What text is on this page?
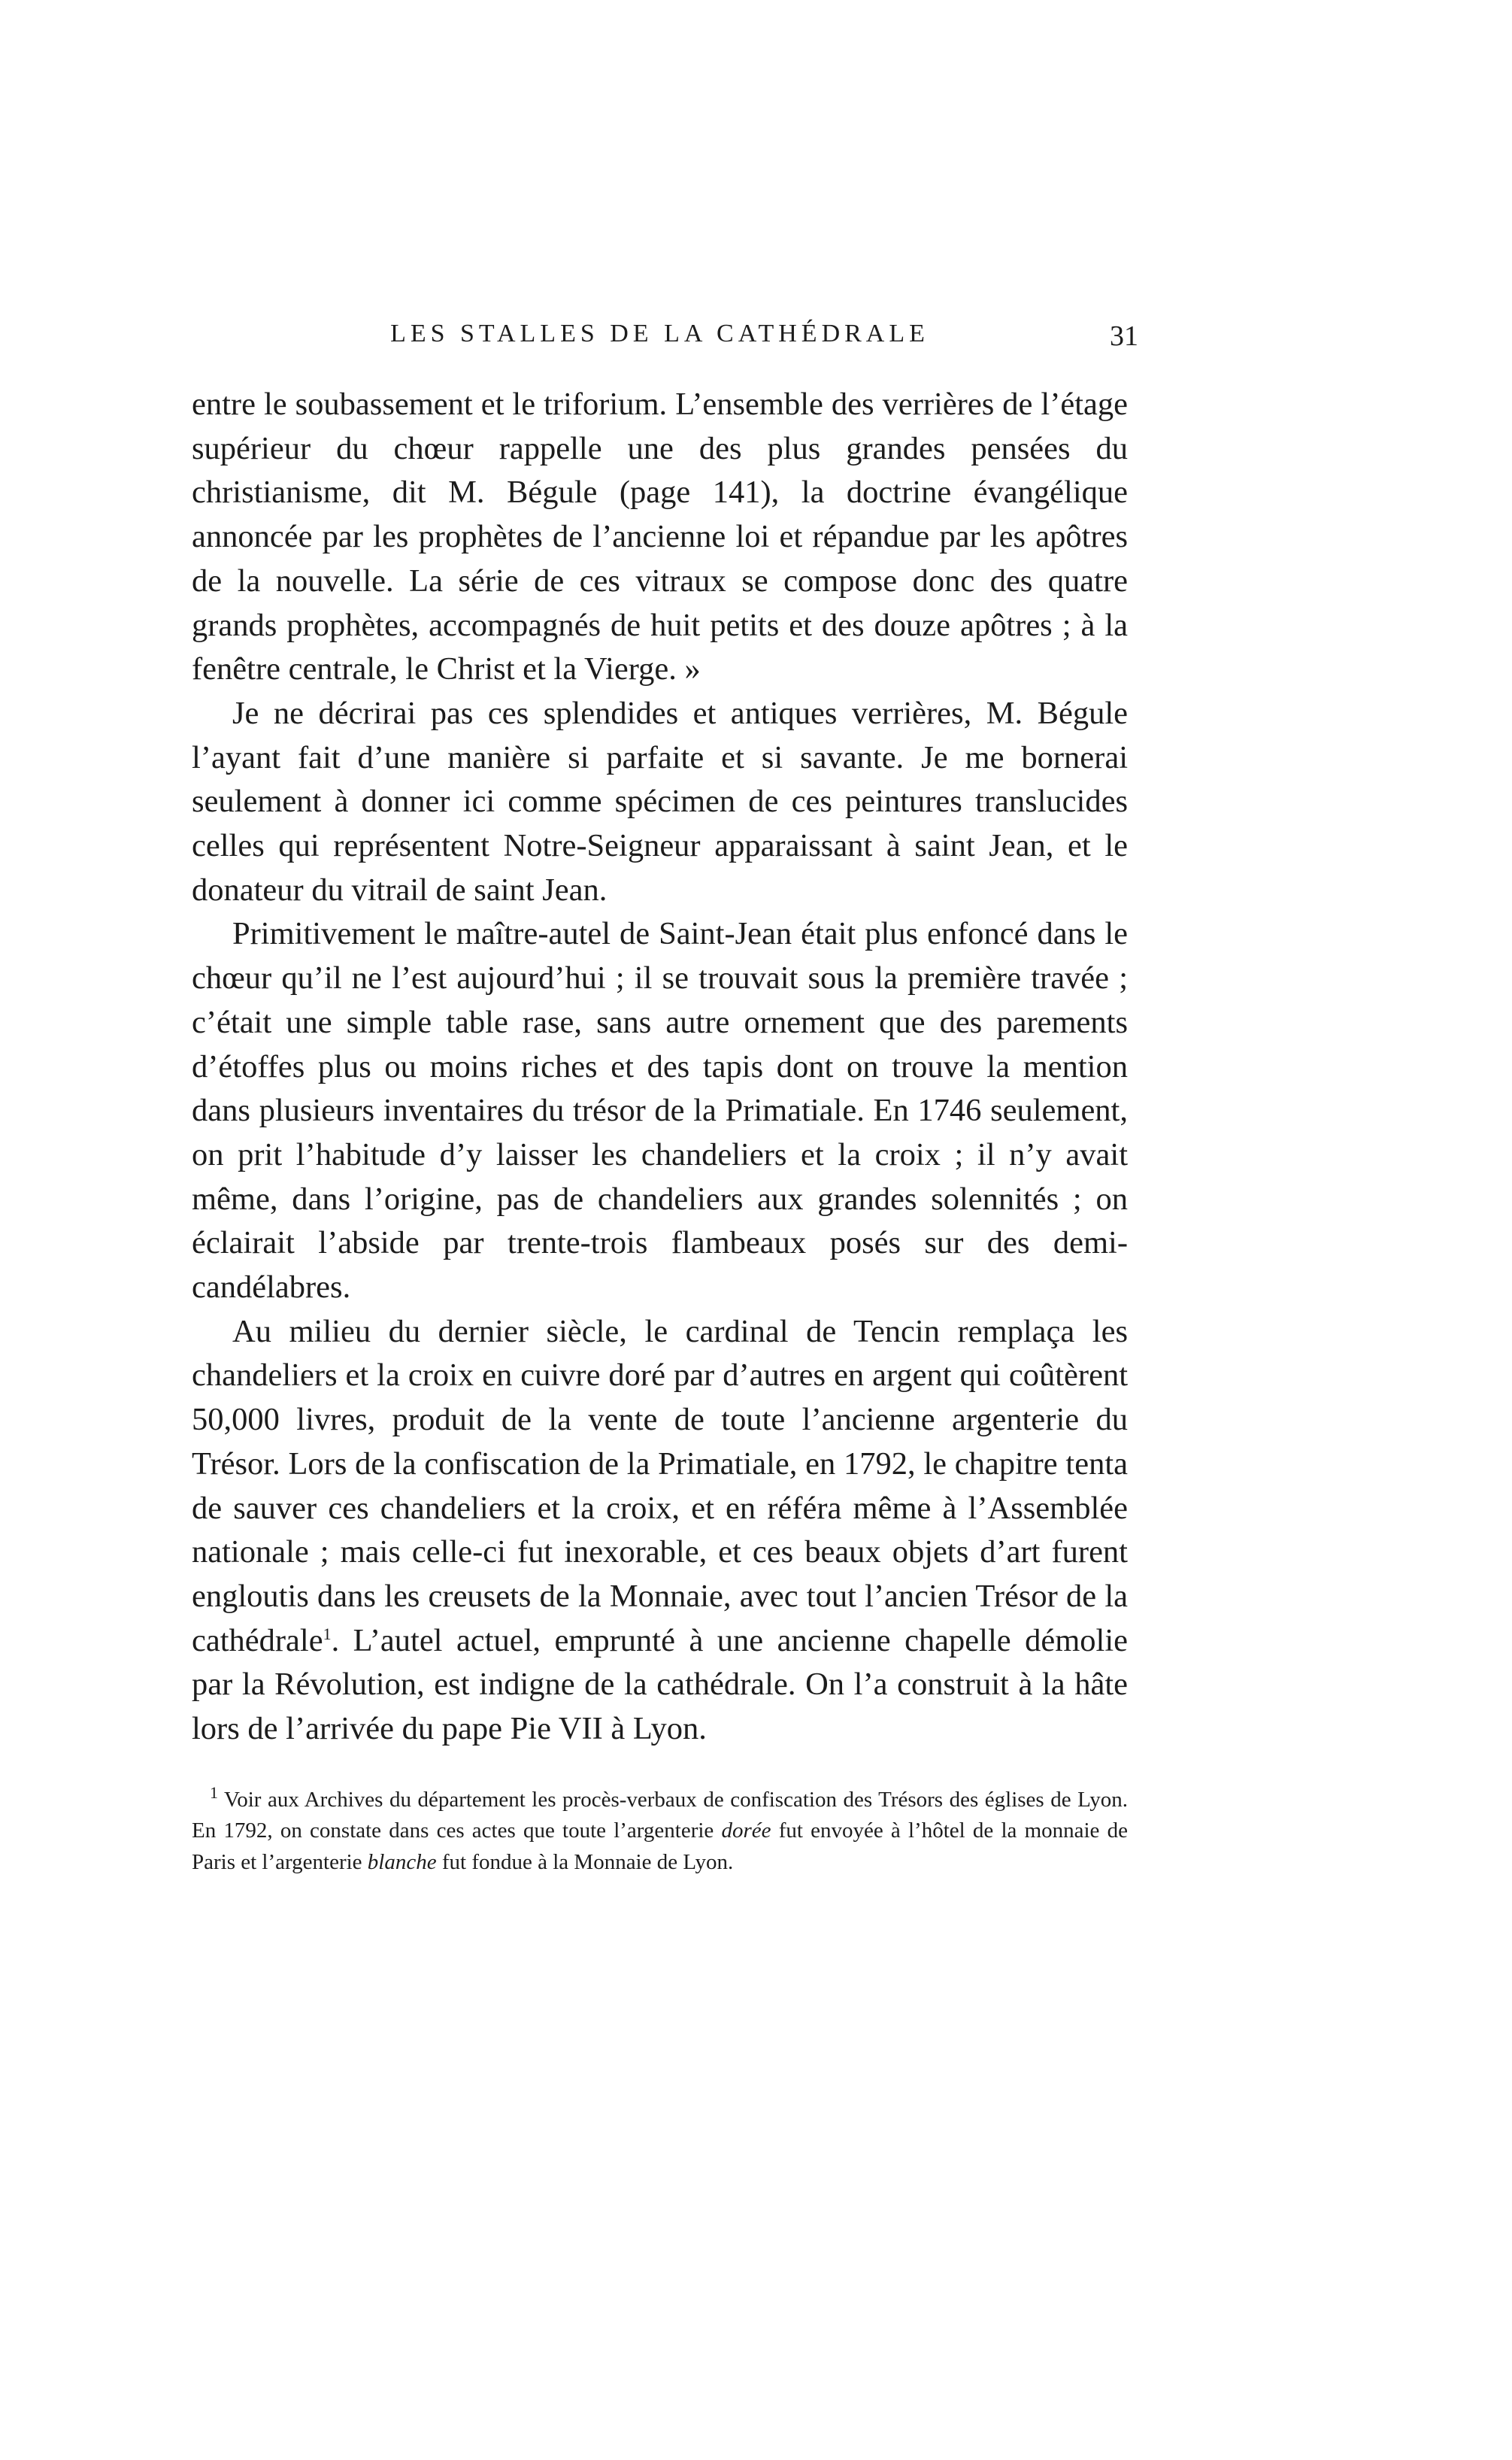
LES STALLES DE LA CATHÉDRALE	31

entre le soubassement et le triforium. L’ensemble des verrières de l’étage supérieur du chœur rappelle une des plus grandes pensées du christianisme, dit M. Bégule (page 141), la doctrine évangélique annoncée par les prophètes de l’ancienne loi et répandue par les apôtres de la nouvelle. La série de ces vitraux se compose donc des quatre grands prophètes, accompagnés de huit petits et des douze apôtres ; à la fenêtre centrale, le Christ et la Vierge. »

Je ne décrirai pas ces splendides et antiques verrières, M. Bégule l’ayant fait d’une manière si parfaite et si savante. Je me bornerai seulement à donner ici comme spécimen de ces peintures translucides celles qui représentent Notre-Seigneur apparaissant à saint Jean, et le donateur du vitrail de saint Jean.

Primitivement le maître-autel de Saint-Jean était plus enfoncé dans le chœur qu’il ne l’est aujourd’hui ; il se trouvait sous la première travée ; c’était une simple table rase, sans autre ornement que des parements d’étoffes plus ou moins riches et des tapis dont on trouve la mention dans plusieurs inventaires du trésor de la Primatiale. En 1746 seulement, on prit l’habitude d’y laisser les chandeliers et la croix ; il n’y avait même, dans l’origine, pas de chandeliers aux grandes solennités ; on éclairait l’abside par trente-trois flambeaux posés sur des demi-candélabres.

Au milieu du dernier siècle, le cardinal de Tencin remplaça les chandeliers et la croix en cuivre doré par d’autres en argent qui coûtèrent 50,000 livres, produit de la vente de toute l’ancienne argenterie du Trésor. Lors de la confiscation de la Primatiale, en 1792, le chapitre tenta de sauver ces chandeliers et la croix, et en référa même à l’Assemblée nationale ; mais celle-ci fut inexorable, et ces beaux objets d’art furent engloutis dans les creusets de la Monnaie, avec tout l’ancien Trésor de la cathédrale$^1$. L’autel actuel, emprunté à une ancienne chapelle démolie par la Révolution, est indigne de la cathédrale. On l’a construit à la hâte lors de l’arrivée du pape Pie VII à Lyon.

$^1$ Voir aux Archives du département les procès-verbaux de confiscation des Trésors des églises de Lyon. En 1792, on constate dans ces actes que toute l’argenterie dorée fut envoyée à l’hôtel de la monnaie de Paris et l’argenterie blanche fut fondue à la Monnaie de Lyon.
